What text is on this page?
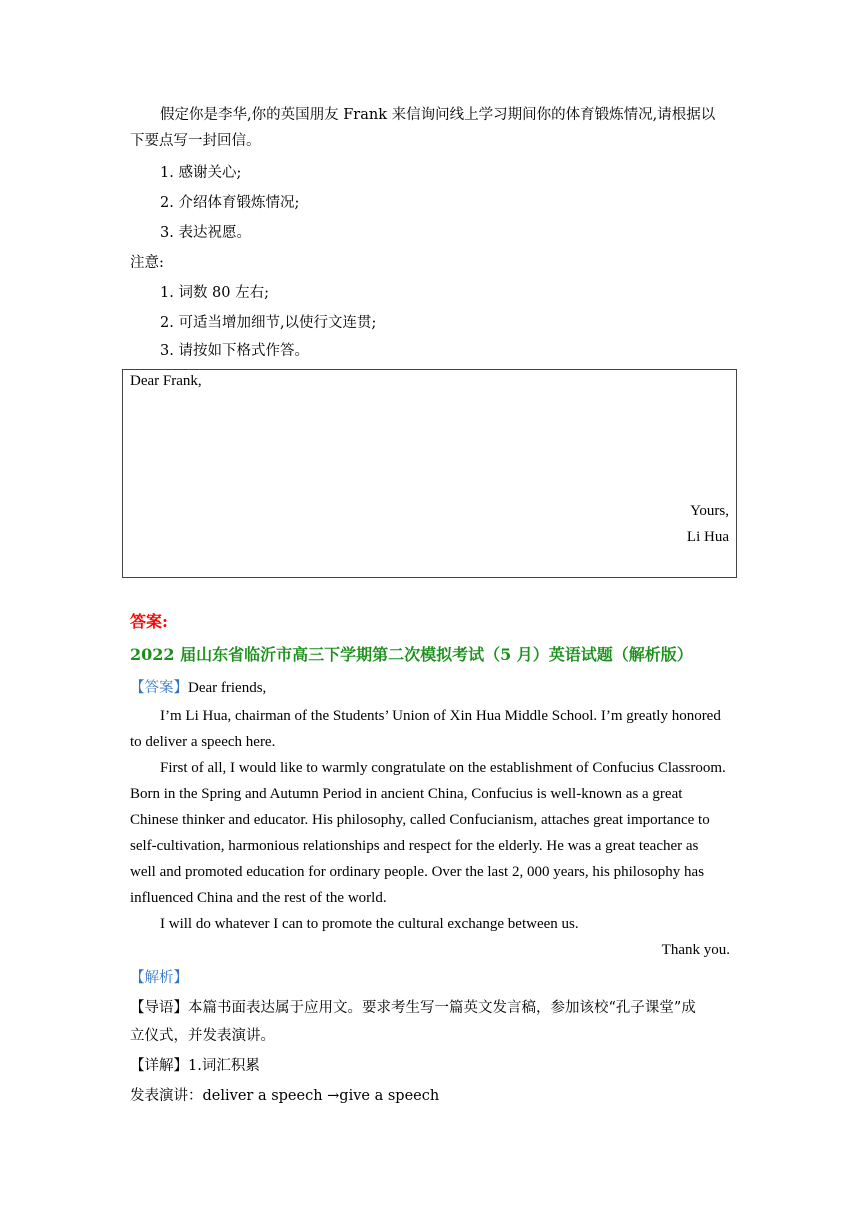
假定你是李华,你的英国朋友 Frank 来信询问线上学习期间你的体育锻炼情况,请根据以
下要点写一封回信。
1. 感谢关心;
2. 介绍体育锻炼情况;
3. 表达祝愿。
注意:
1. 词数 80 左右;
2. 可适当增加细节,以使行文连贯;
3. 请按如下格式作答。
Dear Frank,
Yours,
Li Hua
答案:
2022 届山东省临沂市高三下学期第二次模拟考试（5 月）英语试题（解析版）
【答案】Dear friends,
I’m Li Hua, chairman of the Students’ Union of Xin Hua Middle School. I’m greatly honored
to deliver a speech here.
First of all, I would like to warmly congratulate on the establishment of Confucius Classroom.
Born in the Spring and Autumn Period in ancient China, Confucius is well-known as a great
Chinese thinker and educator. His philosophy, called Confucianism, attaches great importance to
self-cultivation, harmonious relationships and respect for the elderly. He was a great teacher as
well and promoted education for ordinary people. Over the last 2, 000 years, his philosophy has
influenced China and the rest of the world.
I will do whatever I can to promote the cultural exchange between us.
Thank you.
【解析】
【导语】本篇书面表达属于应用文。要求考生写一篇英文发言稿，参加该校“孔子课堂”成
立仪式，并发表演讲。
【详解】1.词汇积累
发表演讲：deliver a speech →give a speech
